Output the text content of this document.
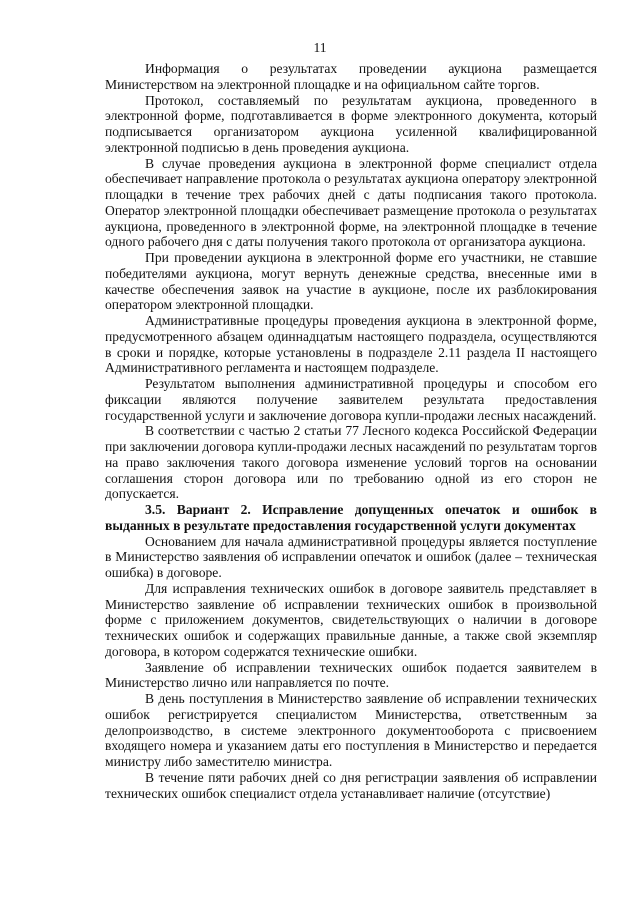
11

Информация о результатах проведении аукциона размещается Министерством на электронной площадке и на официальном сайте торгов.

Протокол, составляемый по результатам аукциона, проведенного в электронной форме, подготавливается в форме электронного документа, который подписывается организатором аукциона усиленной квалифицированной электронной подписью в день проведения аукциона.

В случае проведения аукциона в электронной форме специалист отдела обеспечивает направление протокола о результатах аукциона оператору электронной площадки в течение трех рабочих дней с даты подписания такого протокола. Оператор электронной площадки обеспечивает размещение протокола о результатах аукциона, проведенного в электронной форме, на электронной площадке в течение одного рабочего дня с даты получения такого протокола от организатора аукциона.

При проведении аукциона в электронной форме его участники, не ставшие победителями аукциона, могут вернуть денежные средства, внесенные ими в качестве обеспечения заявок на участие в аукционе, после их разблокирования оператором электронной площадки.

Административные процедуры проведения аукциона в электронной форме, предусмотренного абзацем одиннадцатым настоящего подраздела, осуществляются в сроки и порядке, которые установлены в подразделе 2.11 раздела II настоящего Административного регламента и настоящем подразделе.

Результатом выполнения административной процедуры и способом его фиксации являются получение заявителем результата предоставления государственной услуги и заключение договора купли-продажи лесных насаждений.

В соответствии с частью 2 статьи 77 Лесного кодекса Российской Федерации при заключении договора купли-продажи лесных насаждений по результатам торгов на право заключения такого договора изменение условий торгов на основании соглашения сторон договора или по требованию одной из его сторон не допускается.

3.5. Вариант 2. Исправление допущенных опечаток и ошибок в выданных в результате предоставления государственной услуги документах

Основанием для начала административной процедуры является поступление в Министерство заявления об исправлении опечаток и ошибок (далее – техническая ошибка) в договоре.

Для исправления технических ошибок в договоре заявитель представляет в Министерство заявление об исправлении технических ошибок в произвольной форме с приложением документов, свидетельствующих о наличии в договоре технических ошибок и содержащих правильные данные, а также свой экземпляр договора, в котором содержатся технические ошибки.

Заявление об исправлении технических ошибок подается заявителем в Министерство лично или направляется по почте.

В день поступления в Министерство заявление об исправлении технических ошибок регистрируется специалистом Министерства, ответственным за делопроизводство, в системе электронного документооборота с присвоением входящего номера и указанием даты его поступления в Министерство и передается министру либо заместителю министра.

В течение пяти рабочих дней со дня регистрации заявления об исправлении технических ошибок специалист отдела устанавливает наличие (отсутствие)
